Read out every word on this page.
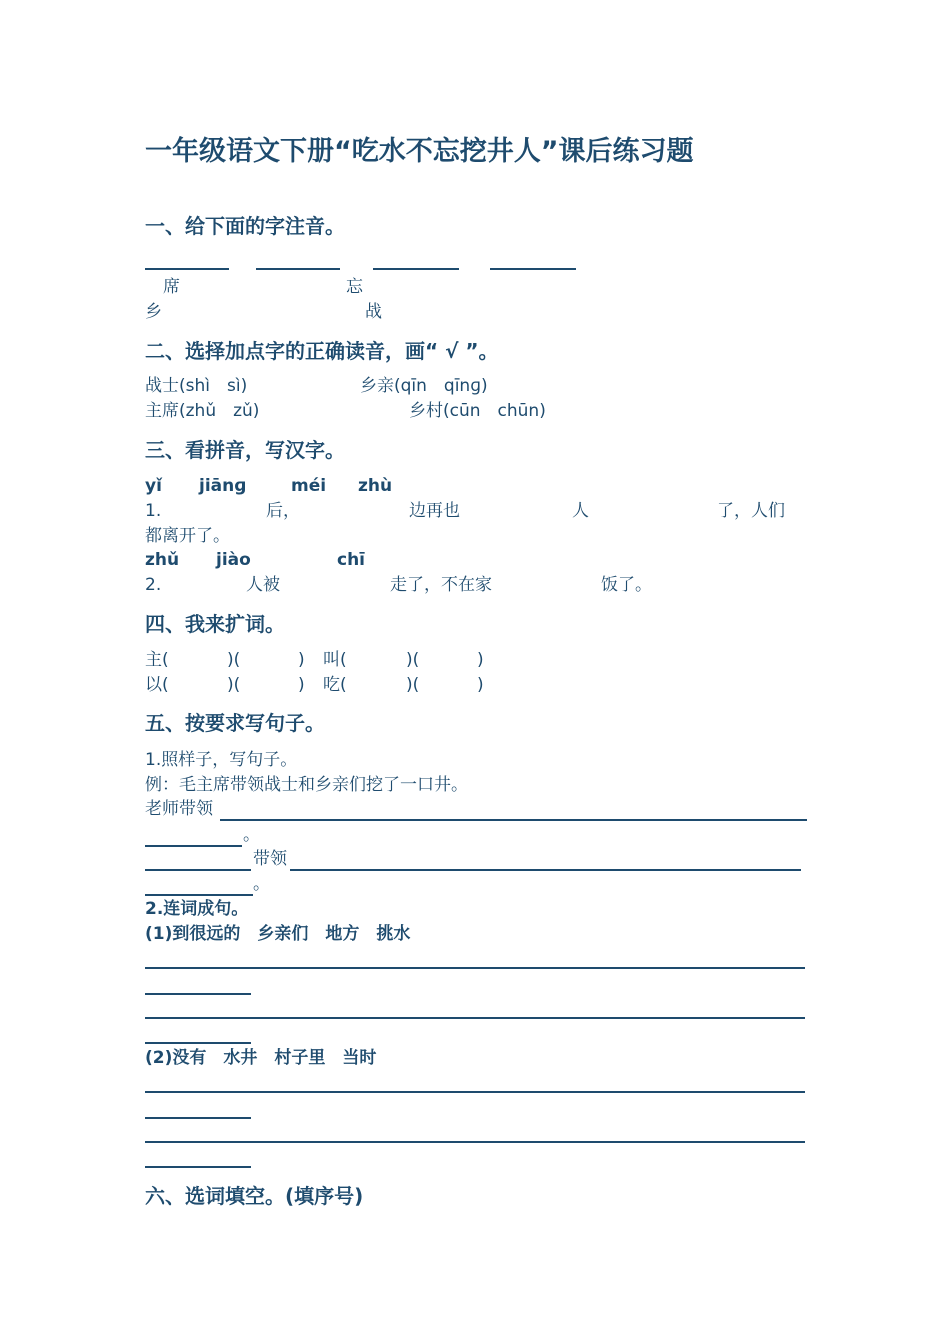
一年级语文下册“吃水不忘挖井人”课后练习题
一、给下面的字注音。
席	忘
乡	战
二、选择加点字的正确读音，画“ √ ”。
战士(shì　sì)	乡亲(qīn　qīnɡ)
主席(zhǔ　zǔ)	乡村(cūn　chūn)
三、看拼音，写汉字。
yǐ jiānɡ	méi zhù
1.	后，	边再也	人	了，人们
都离开了。
zhǔ jiào	chī
2.	人被	走了，不在家	饭了。
四、我来扩词。
主(	)(	) 叫(	)(	)
以(	)(	) 吃(	)(	)
五、按要求写句子。
1.照样子，写句子。
例：毛主席带领战士和乡亲们挖了一口井。
老师带领
。
带领
。
2.连词成句。
(1)到很远的　乡亲们　地方　挑水
(2)没有　水井　村子里　当时
六、选词填空。(填序号)
